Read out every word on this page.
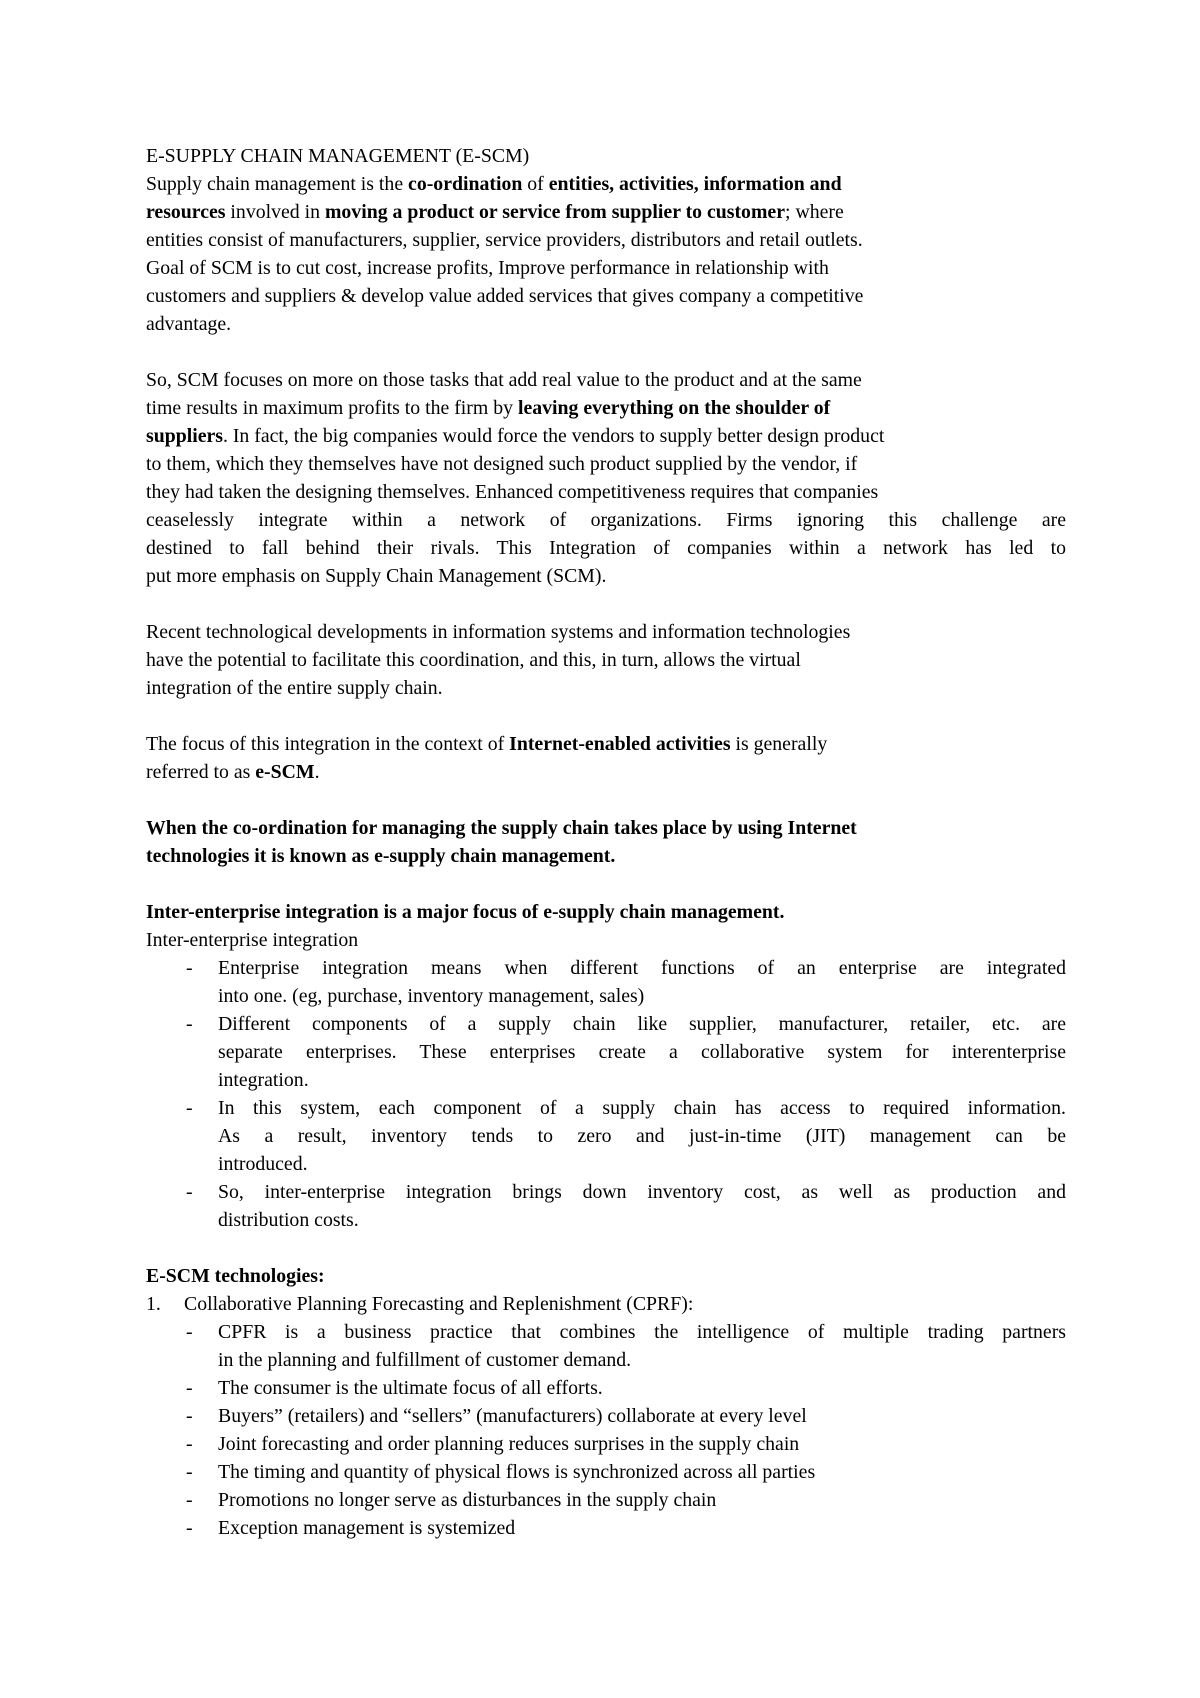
E-SUPPLY CHAIN MANAGEMENT (E-SCM)
Supply chain management is the co-ordination of entities, activities, information and
resources involved in moving a product or service from supplier to customer; where
entities consist of manufacturers, supplier, service providers, distributors and retail outlets.
Goal of SCM is to cut cost, increase profits, Improve performance in relationship with
customers and suppliers & develop value added services that gives company a competitive
advantage.
So, SCM focuses on more on those tasks that add real value to the product and at the same
time results in maximum profits to the firm by leaving everything on the shoulder of
suppliers. In fact, the big companies would force the vendors to supply better design product
to them, which they themselves have not designed such product supplied by the vendor, if
they had taken the designing themselves. Enhanced competitiveness requires that companies
ceaselessly integrate within a network of organizations. Firms ignoring this challenge are
destined to fall behind their rivals. This Integration of companies within a network has led to
put more emphasis on Supply Chain Management (SCM).
Recent technological developments in information systems and information technologies
have the potential to facilitate this coordination, and this, in turn, allows the virtual
integration of the entire supply chain.
The focus of this integration in the context of Internet-enabled activities is generally
referred to as e-SCM.
When the co-ordination for managing the supply chain takes place by using Internet
technologies it is known as e-supply chain management.
Inter-enterprise integration is a major focus of e-supply chain management.
Inter-enterprise integration
- Enterprise integration means when different functions of an enterprise are integrated
into one. (eg, purchase, inventory management, sales)
- Different components of a supply chain like supplier, manufacturer, retailer, etc. are
separate enterprises. These enterprises create a collaborative system for interenterprise
integration.
- In this system, each component of a supply chain has access to required information.
As a result, inventory tends to zero and just-in-time (JIT) management can be
introduced.
- So, inter-enterprise integration brings down inventory cost, as well as production and
distribution costs.
E-SCM technologies:
1. Collaborative Planning Forecasting and Replenishment (CPRF):
- CPFR is a business practice that combines the intelligence of multiple trading partners
in the planning and fulfillment of customer demand.
- The consumer is the ultimate focus of all efforts.
- Buyers” (retailers) and “sellers” (manufacturers) collaborate at every level
- Joint forecasting and order planning reduces surprises in the supply chain
- The timing and quantity of physical flows is synchronized across all parties
- Promotions no longer serve as disturbances in the supply chain
- Exception management is systemized
